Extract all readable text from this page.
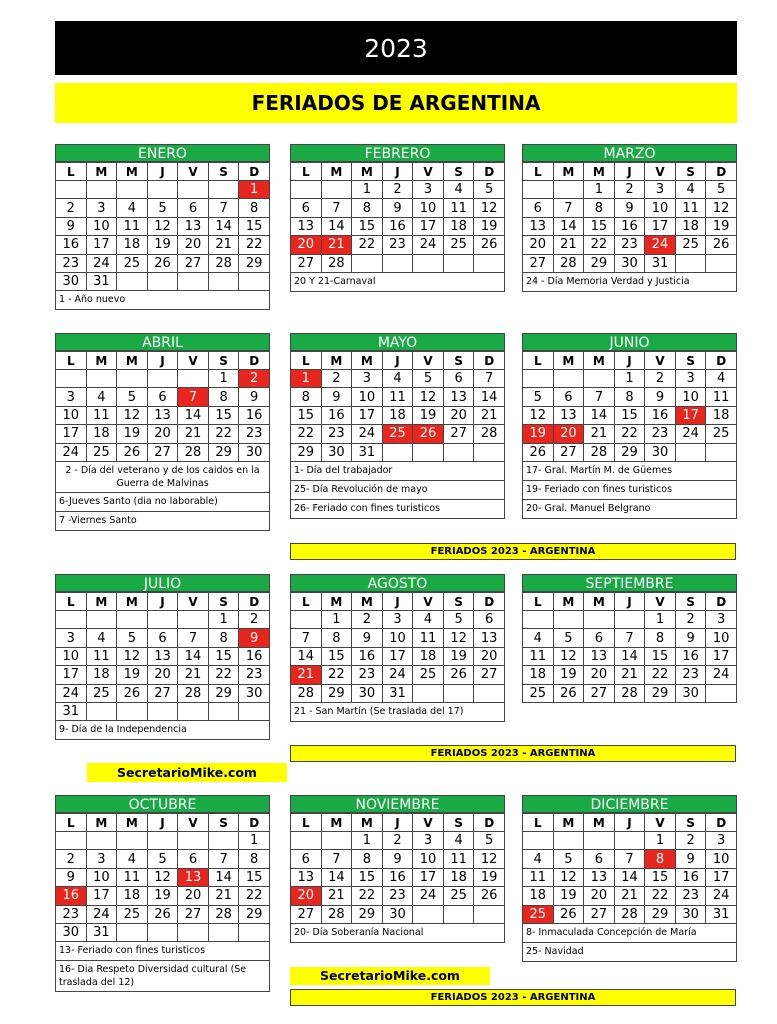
2023
FERIADOS DE ARGENTINA
ENERO
L	M	M	J	V	S	D
						1
2	3	4	5	6	7	8
9	10	11	12	13	14	15
16	17	18	19	20	21	22
23	24	25	26	27	28	29
30	31					
1 - Año nuevo
FEBRERO
L	M	M	J	V	S	D
		1	2	3	4	5
6	7	8	9	10	11	12
13	14	15	16	17	18	19
20	21	22	23	24	25	26
27	28					
20 Y 21-Carnaval
MARZO
L	M	M	J	V	S	D
		1	2	3	4	5
6	7	8	9	10	11	12
13	14	15	16	17	18	19
20	21	22	23	24	25	26
27	28	29	30	31		
24 - Día Memoria Verdad y Justicia
ABRIL
L	M	M	J	V	S	D
					1	2
3	4	5	6	7	8	9
10	11	12	13	14	15	16
17	18	19	20	21	22	23
24	25	26	27	28	29	30
2 - Día del veterano y de los caidos en la Guerra de Malvinas
6-Jueves Santo (dia no laborable)
7 -Viernes Santo
MAYO
L	M	M	J	V	S	D
1	2	3	4	5	6	7
8	9	10	11	12	13	14
15	16	17	18	19	20	21
22	23	24	25	26	27	28
29	30	31				
1- Día del trabajador
25- Día Revolución de mayo
26- Feriado con fines turisticos
JUNIO
L	M	M	J	V	S	D
			1	2	3	4
5	6	7	8	9	10	11
12	13	14	15	16	17	18
19	20	21	22	23	24	25
26	27	28	29	30		
17- Gral. Martín M. de Güemes
19- Feriado con fines turisticos
20- Gral. Manuel Belgrano
JULIO
L	M	M	J	V	S	D
					1	2
3	4	5	6	7	8	9
10	11	12	13	14	15	16
17	18	19	20	21	22	23
24	25	26	27	28	29	30
31						
9- Día de la Independencia
AGOSTO
L	M	M	J	V	S	D
	1	2	3	4	5	6
7	8	9	10	11	12	13
14	15	16	17	18	19	20
21	22	23	24	25	26	27
28	29	30	31			
21 - San Martín (Se traslada del 17)
SEPTIEMBRE
L	M	M	J	V	S	D
				1	2	3
4	5	6	7	8	9	10
11	12	13	14	15	16	17
18	19	20	21	22	23	24
25	26	27	28	29	30	
OCTUBRE
L	M	M	J	V	S	D
						1
2	3	4	5	6	7	8
9	10	11	12	13	14	15
16	17	18	19	20	21	22
23	24	25	26	27	28	29
30	31					
13- Feriado con fines turisticos
16- Dia Respeto Diversidad cultural (Se traslada del 12)
NOVIEMBRE
L	M	M	J	V	S	D
		1	2	3	4	5
6	7	8	9	10	11	12
13	14	15	16	17	18	19
20	21	22	23	24	25	26
27	28	29	30			
20- Día Soberanía Nacional
DICIEMBRE
L	M	M	J	V	S	D
				1	2	3
4	5	6	7	8	9	10
11	12	13	14	15	16	17
18	19	20	21	22	23	24
25	26	27	28	29	30	31
8- Inmaculada Concepción de María
25- Navidad
FERIADOS 2023 - ARGENTINA
FERIADOS 2023 - ARGENTINA
FERIADOS 2023 - ARGENTINA
SecretarioMike.com
SecretarioMike.com
